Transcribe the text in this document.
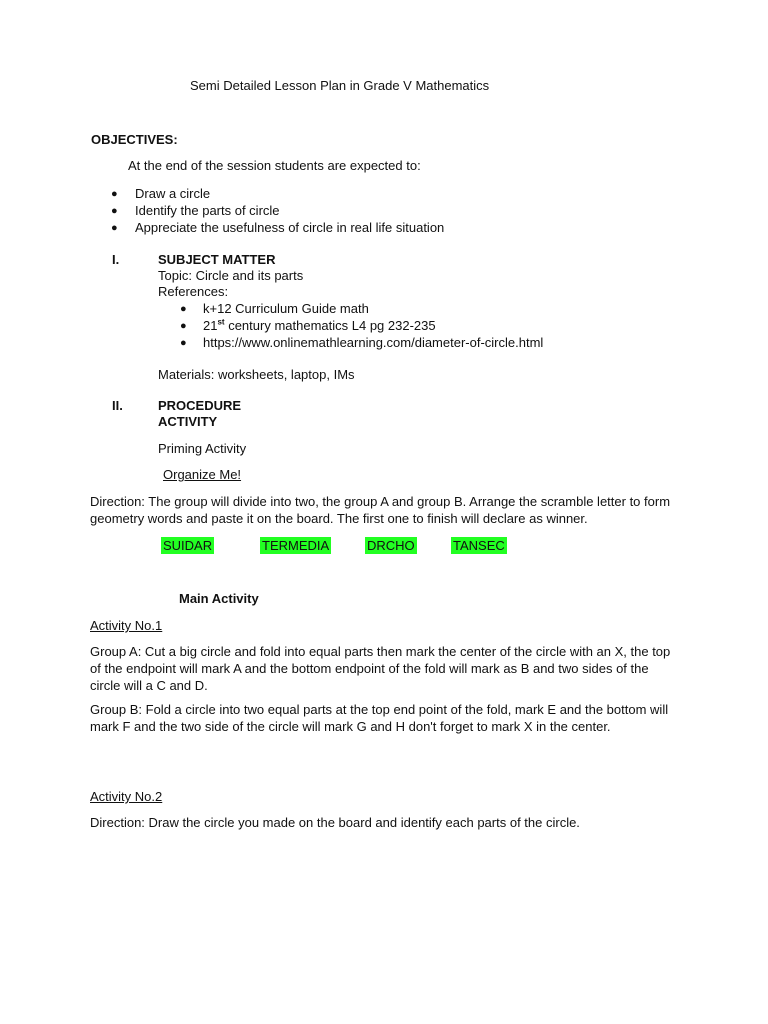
Semi Detailed Lesson Plan in Grade V Mathematics
OBJECTIVES:
At the end of the session students are expected to:
● Draw a circle
● Identify the parts of circle
● Appreciate the usefulness of circle in real life situation
I.	SUBJECT MATTER
Topic: Circle and its parts
References:
● k+12 Curriculum Guide math
● 21st century mathematics L4 pg 232-235
● https://www.onlinemathlearning.com/diameter-of-circle.html
Materials: worksheets, laptop, IMs
II.	PROCEDURE
ACTIVITY
Priming Activity
Organize Me!
Direction: The group will divide into two, the group A and group B. Arrange the scramble letter to form geometry words and paste it on the board. The first one to finish will declare as winner.
SUIDAR	TERMEDIA	DRCHO	TANSEC
Main Activity
Activity No.1
Group A: Cut a big circle and fold into equal parts then mark the center of the circle with an X, the top of the endpoint will mark A and the bottom endpoint of the fold will mark as B and two sides of the circle will a C and D.
Group B: Fold a circle into two equal parts at the top end point of the fold, mark E and the bottom will mark F and the two side of the circle will mark G and H don't forget to mark X in the center.
Activity No.2
Direction: Draw the circle you made on the board and identify each parts of the circle.
